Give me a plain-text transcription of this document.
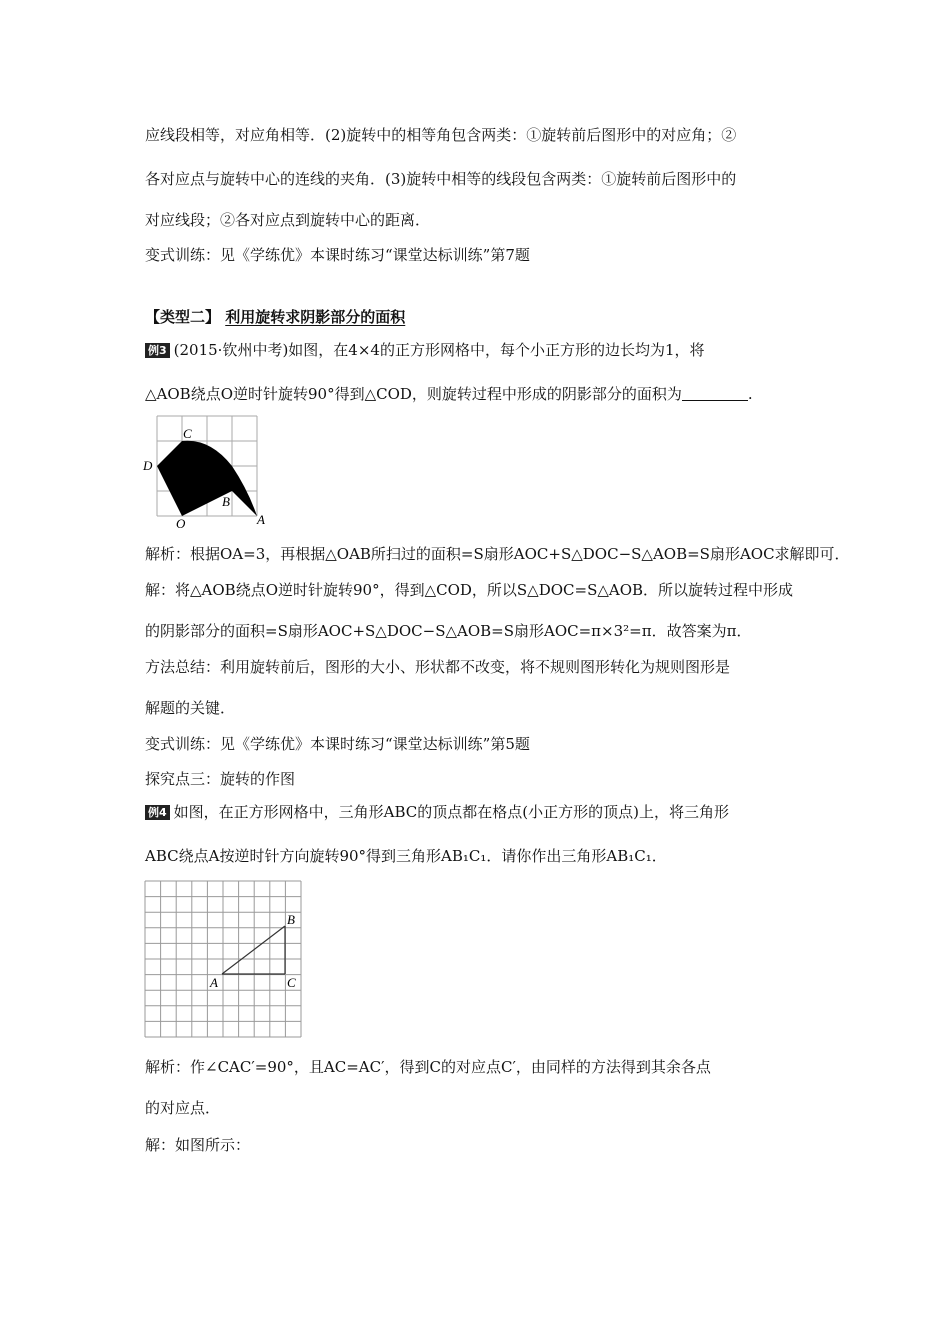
应线段相等，对应角相等．(2)旋转中的相等角包含两类：①旋转前后图形中的对应角；②
各对应点与旋转中心的连线的夹角．(3)旋转中相等的线段包含两类：①旋转前后图形中的
对应线段；②各对应点到旋转中心的距离．
变式训练：见《学练优》本课时练习“课堂达标训练”第7题
【类型二】 利用旋转求阴影部分的面积
例3 (2015·钦州中考)如图，在4×4的正方形网格中，每个小正方形的边长均为1，将
△AOB绕点O逆时针旋转90°得到△COD，则旋转过程中形成的阴影部分的面积为	.
C
D
B
O	A
解析：根据OA=3，再根据△OAB所扫过的面积=S扇形AOC+S△DOC−S△AOB=S扇形AOC求解即可．
解：将△AOB绕点O逆时针旋转90°，得到△COD，所以S△DOC=S△AOB．所以旋转过程中形成
的阴影部分的面积=S扇形AOC+S△DOC−S△AOB=S扇形AOC=π×3²=π．故答案为π．
方法总结：利用旋转前后，图形的大小、形状都不改变，将不规则图形转化为规则图形是
解题的关键．
变式训练：见《学练优》本课时练习“课堂达标训练”第5题
探究点三：旋转的作图
例4 如图，在正方形网格中，三角形ABC的顶点都在格点(小正方形的顶点)上，将三角形
ABC绕点A按逆时针方向旋转90°得到三角形AB₁C₁．请你作出三角形AB₁C₁．
A
B
C
解析：作∠CAC′=90°，且AC=AC′，得到C的对应点C′，由同样的方法得到其余各点
的对应点．
解：如图所示：
